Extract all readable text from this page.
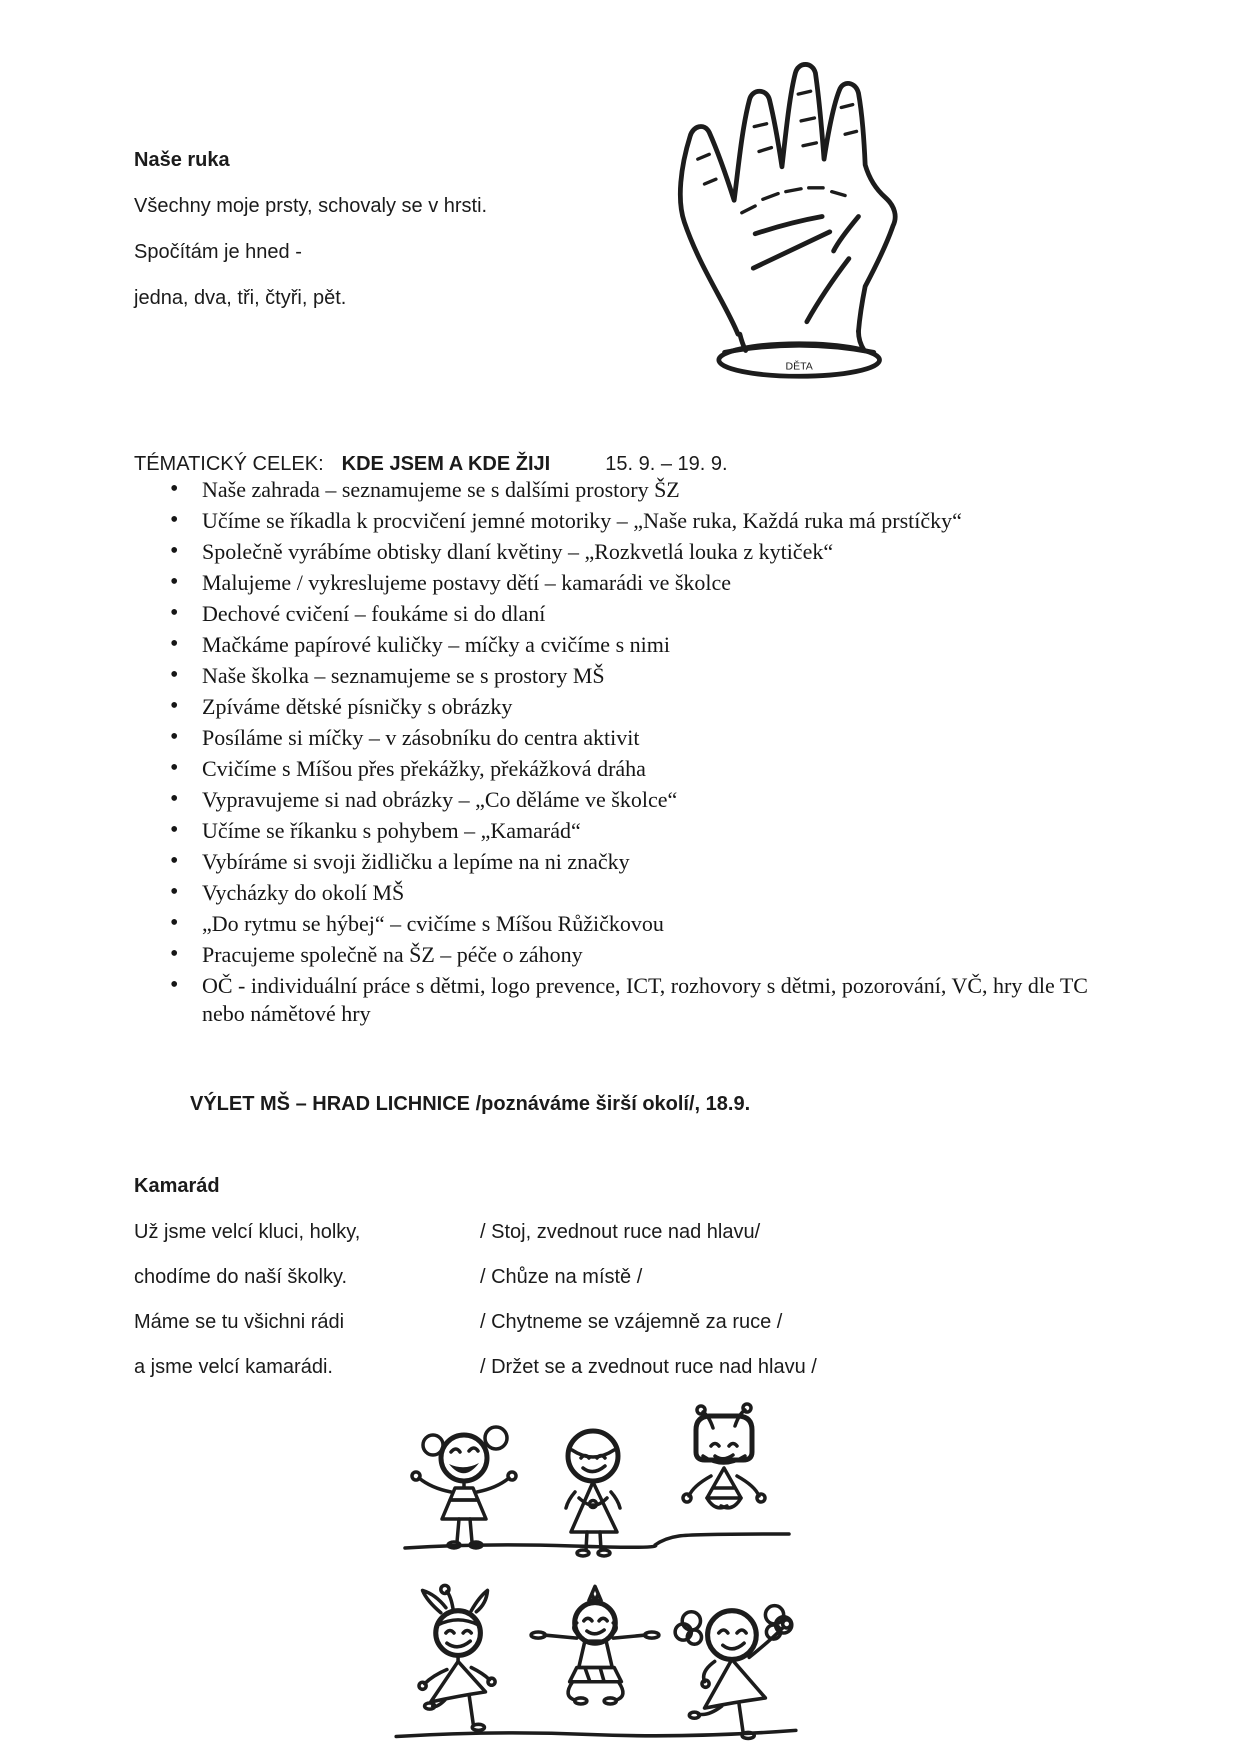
Naše ruka

Všechny moje prsty, schovaly se v hrsti.

Spočítám je hned -

jedna, dva, tři, čtyři, pět.

DĚTA

TÉMATICKÝ CELEK: KDE JSEM A KDE ŽIJI	15. 9. – 19. 9.

• Naše zahrada – seznamujeme se s dalšími prostory ŠZ
• Učíme se říkadla k procvičení jemné motoriky – „Naše ruka, Každá ruka má prstíčky“
• Společně vyrábíme obtisky dlaní květiny – „Rozkvetlá louka z kytiček“
• Malujeme / vykreslujeme postavy dětí – kamarádi ve školce
• Dechové cvičení – foukáme si do dlaní
• Mačkáme papírové kuličky – míčky a cvičíme s nimi
• Naše školka – seznamujeme se s prostory MŠ
• Zpíváme dětské písničky s obrázky
• Posíláme si míčky – v zásobníku do centra aktivit
• Cvičíme s Míšou přes překážky, překážková dráha
• Vypravujeme si nad obrázky – „Co děláme ve školce“
• Učíme se říkanku s pohybem – „Kamarád“
• Vybíráme si svoji židličku a lepíme na ni značky
• Vycházky do okolí MŠ
• „Do rytmu se hýbej“ – cvičíme s Míšou Růžičkovou
• Pracujeme společně na ŠZ – péče o záhony
• OČ - individuální práce s dětmi, logo prevence, ICT, rozhovory s dětmi, pozorování, VČ, hry dle TC nebo námětové hry

VÝLET MŠ – HRAD LICHNICE /poznáváme širší okolí/, 18.9.

Kamarád
Už jsme velcí kluci, holky,	/ Stoj, zvednout ruce nad hlavu/
chodíme do naší školky.	/ Chůze na místě /
Máme se tu všichni rádi	/ Chytneme se vzájemně za ruce /
a jsme velcí kamarádi.	/ Držet se a zvednout ruce nad hlavu /
